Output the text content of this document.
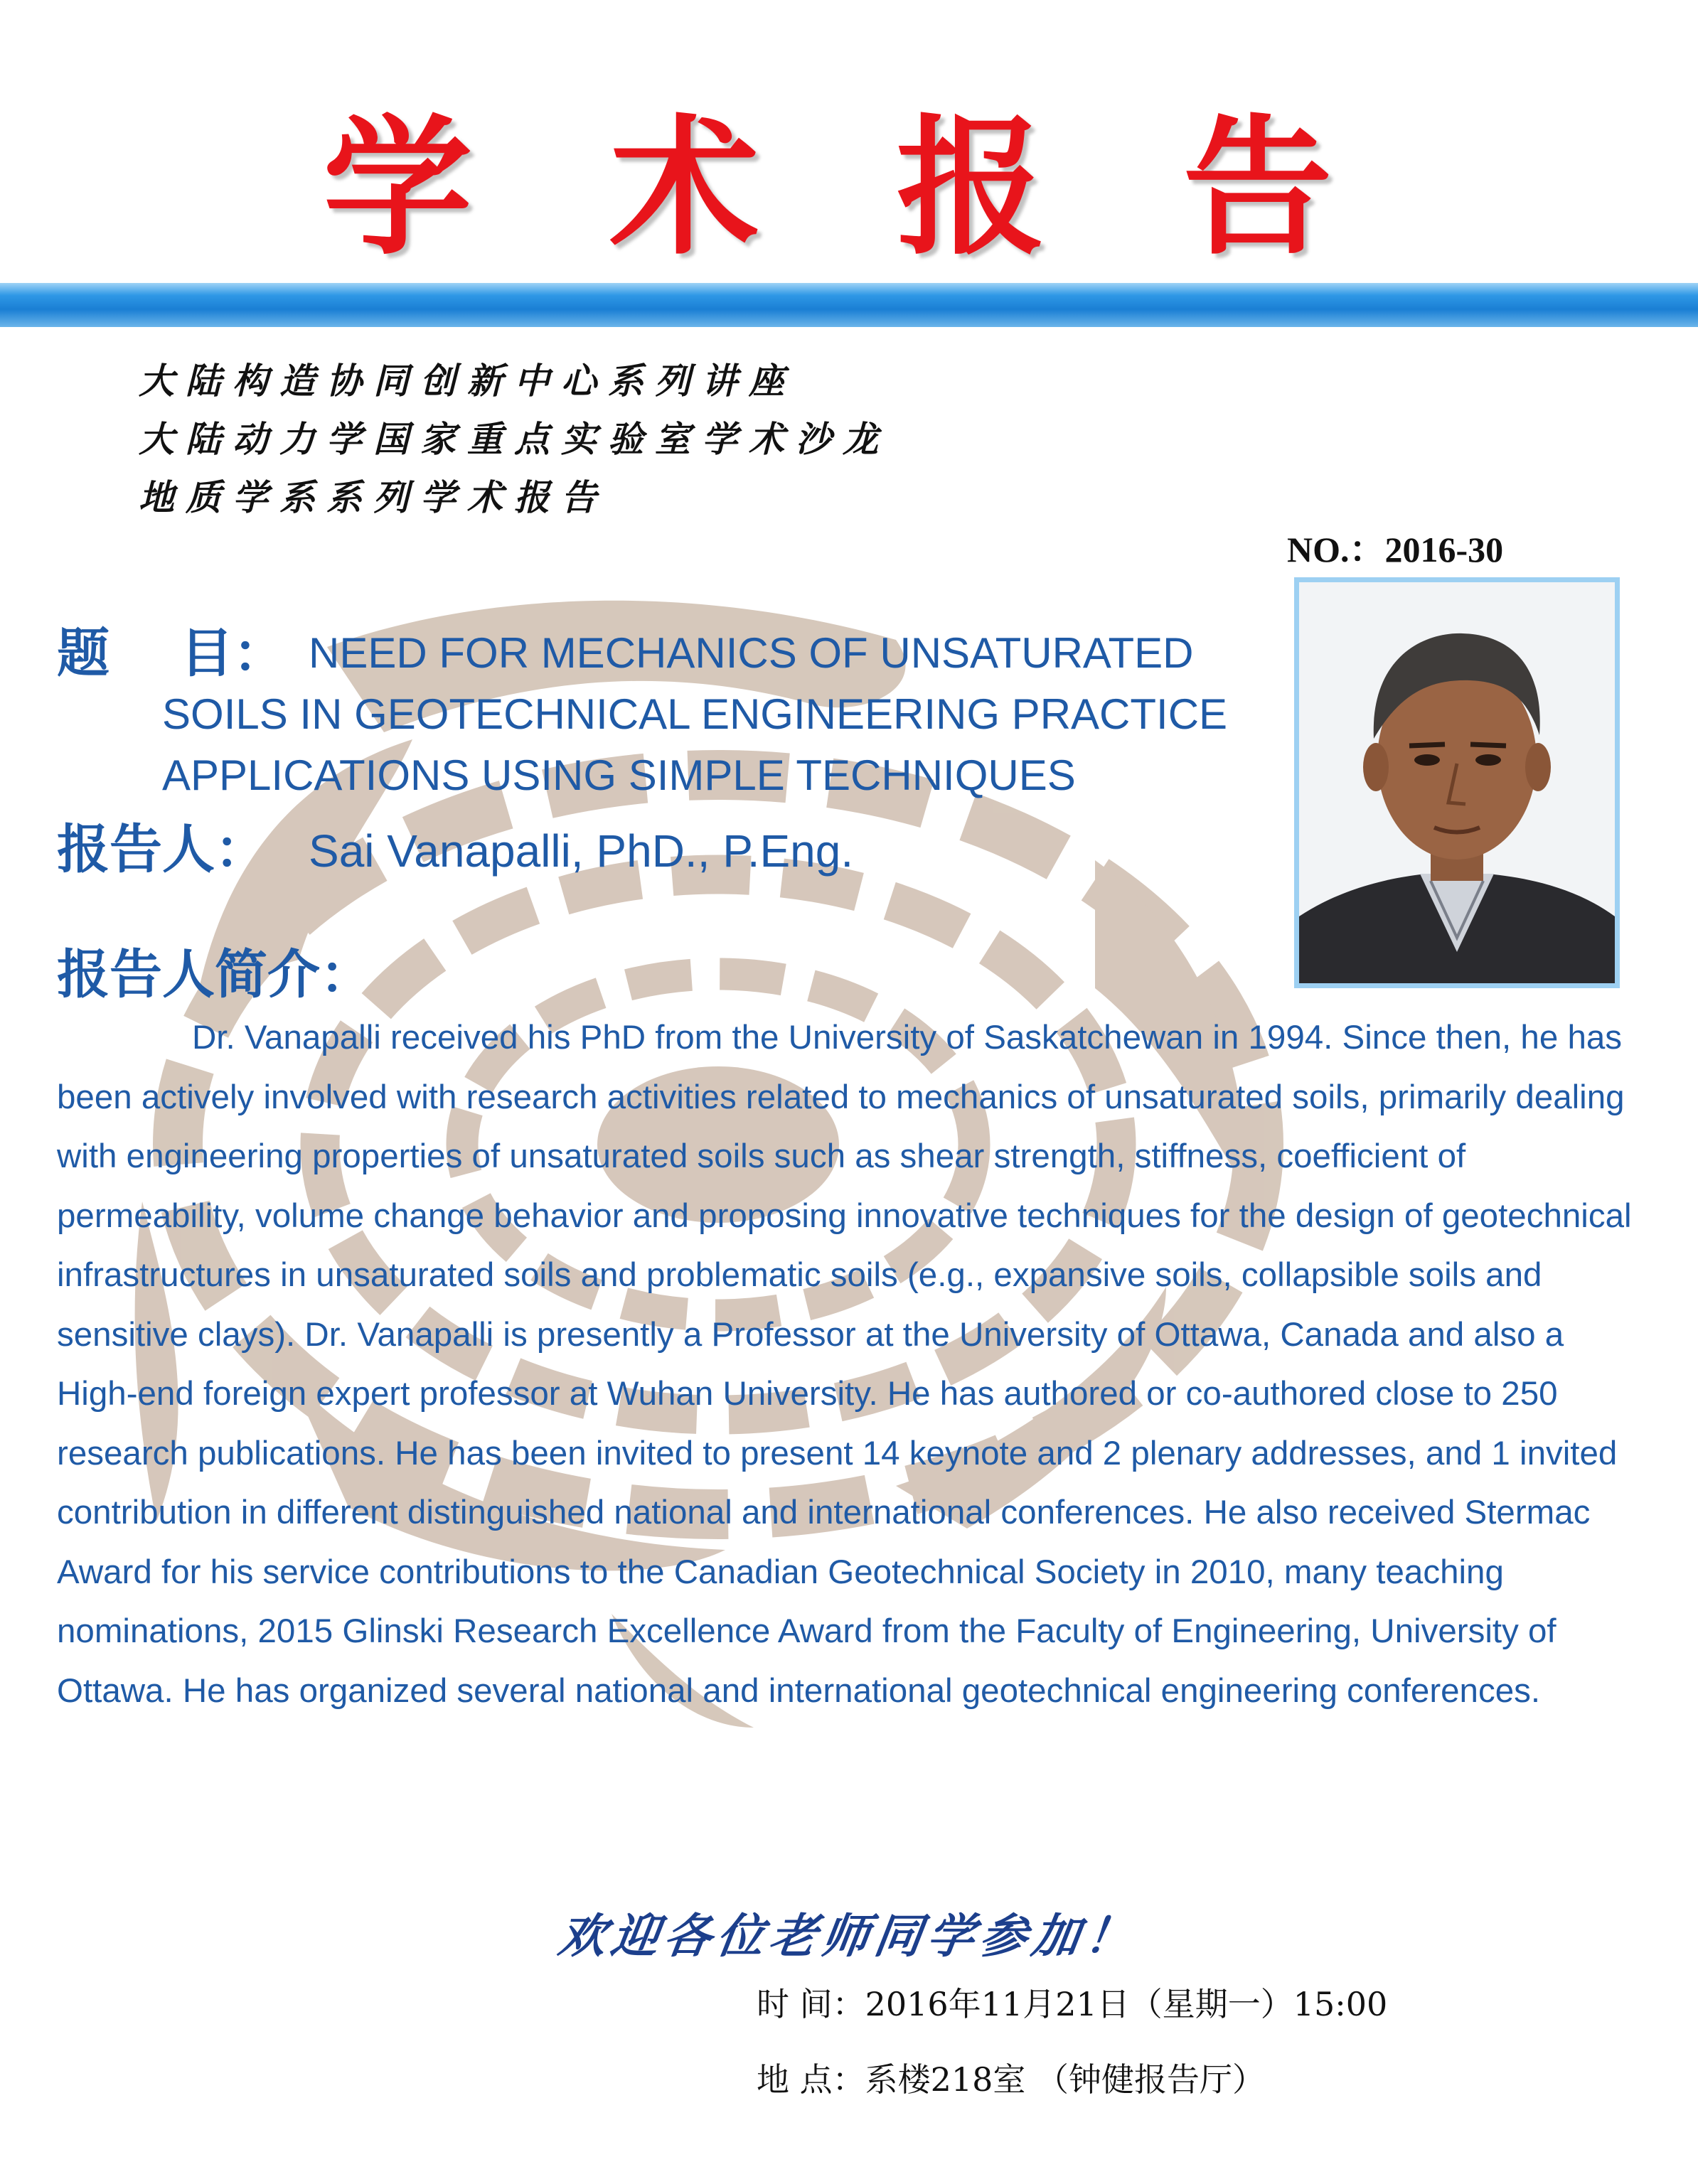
学 术 报 告
大陆构造协同创新中心系列讲座
大陆动力学国家重点实验室学术沙龙
地质学系系列学术报告
NO.：2016-30
题　 目： NEED FOR MECHANICS OF UNSATURATED
SOILS IN GEOTECHNICAL ENGINEERING PRACTICE
APPLICATIONS USING SIMPLE TECHNIQUES
报告人： Sai Vanapalli, PhD., P.Eng.
报告人简介：
Dr. Vanapalli received his PhD from the University of Saskatchewan in 1994. Since then, he has been actively involved with research activities related to mechanics of unsaturated soils, primarily dealing with engineering properties of unsaturated soils such as shear strength, stiffness, coefficient of permeability, volume change behavior and proposing innovative techniques for the design of geotechnical infrastructures in unsaturated soils and problematic soils (e.g., expansive soils, collapsible soils and sensitive clays). Dr. Vanapalli is presently a Professor at the University of Ottawa, Canada and also a High-end foreign expert professor at Wuhan University. He has authored or co-authored close to 250 research publications. He has been invited to present 14 keynote and 2 plenary addresses, and 1 invited contribution in different distinguished national and international conferences. He also received Stermac Award for his service contributions to the Canadian Geotechnical Society in 2010, many teaching nominations, 2015 Glinski Research Excellence Award from the Faculty of Engineering, University of Ottawa. He has organized several national and international geotechnical engineering conferences.
欢迎各位老师同学参加！
时 间：2016年11月21日（星期一）15:00
地 点：系楼218室 （钟健报告厅）
